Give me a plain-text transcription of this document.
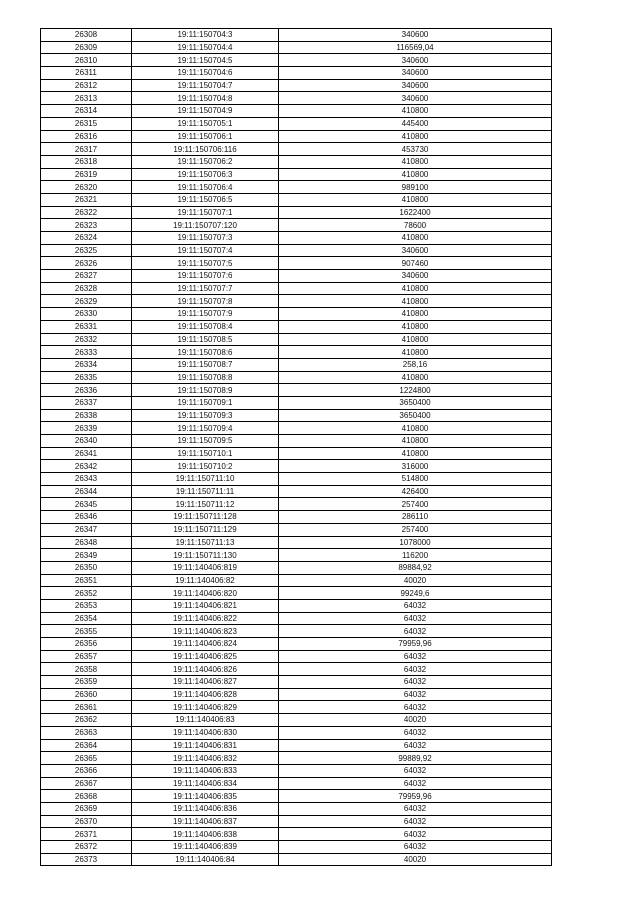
26308	19:11:150704:3	340600
26309	19:11:150704:4	116569,04
26310	19:11:150704:5	340600
26311	19:11:150704:6	340600
26312	19:11:150704:7	340600
26313	19:11:150704:8	340600
26314	19:11:150704:9	410800
26315	19:11:150705:1	445400
26316	19:11:150706:1	410800
26317	19:11:150706:116	453730
26318	19:11:150706:2	410800
26319	19:11:150706:3	410800
26320	19:11:150706:4	989100
26321	19:11:150706:5	410800
26322	19:11:150707:1	1622400
26323	19:11:150707:120	78600
26324	19:11:150707:3	410800
26325	19:11:150707:4	340600
26326	19:11:150707:5	907460
26327	19:11:150707:6	340600
26328	19:11:150707:7	410800
26329	19:11:150707:8	410800
26330	19:11:150707:9	410800
26331	19:11:150708:4	410800
26332	19:11:150708:5	410800
26333	19:11:150708:6	410800
26334	19:11:150708:7	258,16
26335	19:11:150708:8	410800
26336	19:11:150708:9	1224800
26337	19:11:150709:1	3650400
26338	19:11:150709:3	3650400
26339	19:11:150709:4	410800
26340	19:11:150709:5	410800
26341	19:11:150710:1	410800
26342	19:11:150710:2	316000
26343	19:11:150711:10	514800
26344	19:11:150711:11	426400
26345	19:11:150711:12	257400
26346	19:11:150711:128	286110
26347	19:11:150711:129	257400
26348	19:11:150711:13	1078000
26349	19:11:150711:130	116200
26350	19:11:140406:819	89884,92
26351	19:11:140406:82	40020
26352	19:11:140406:820	99249,6
26353	19:11:140406:821	64032
26354	19:11:140406:822	64032
26355	19:11:140406:823	64032
26356	19:11:140406:824	79959,96
26357	19:11:140406:825	64032
26358	19:11:140406:826	64032
26359	19:11:140406:827	64032
26360	19:11:140406:828	64032
26361	19:11:140406:829	64032
26362	19:11:140406:83	40020
26363	19:11:140406:830	64032
26364	19:11:140406:831	64032
26365	19:11:140406:832	99889,92
26366	19:11:140406:833	64032
26367	19:11:140406:834	64032
26368	19:11:140406:835	79959,96
26369	19:11:140406:836	64032
26370	19:11:140406:837	64032
26371	19:11:140406:838	64032
26372	19:11:140406:839	64032
26373	19:11:140406:84	40020
